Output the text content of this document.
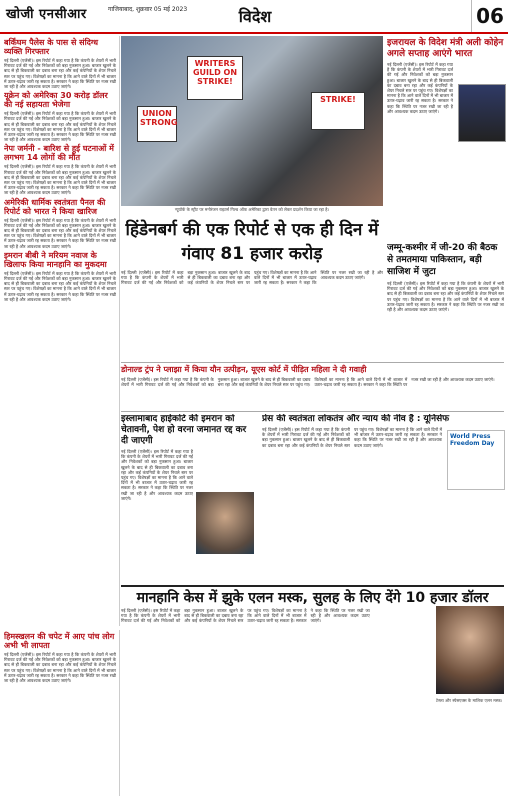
खोजी एनसीआर	गाजियाबाद, शुक्रवार 05 मई 2023	विदेश	06
बर्किंघम पैलेस के पास से संदिग्ध व्यक्ति गिरफ्तार
नई दिल्ली (एजेंसी)। इस रिपोर्ट में कहा गया है कि कंपनी के शेयरों में भारी गिरावट दर्ज की गई और निवेशकों को बड़ा नुकसान हुआ। बाजार खुलने के बाद से ही बिकवाली का दबाव बना रहा और कई कंपनियों के शेयर निचले स्तर पर पहुंच गए। विशेषज्ञों का मानना है कि आने वाले दिनों में भी बाजार में उतार-चढ़ाव जारी रह सकता है। सरकार ने कहा कि स्थिति पर नजर रखी जा रही है और आवश्यक कदम उठाए जाएंगे।
यूक्रेन को अमेरिका 30 करोड़ डॉलर की नई सहायता भेजेगा
नई दिल्ली (एजेंसी)। इस रिपोर्ट में कहा गया है कि कंपनी के शेयरों में भारी गिरावट दर्ज की गई और निवेशकों को बड़ा नुकसान हुआ। बाजार खुलने के बाद से ही बिकवाली का दबाव बना रहा और कई कंपनियों के शेयर निचले स्तर पर पहुंच गए। विशेषज्ञों का मानना है कि आने वाले दिनों में भी बाजार में उतार-चढ़ाव जारी रह सकता है। सरकार ने कहा कि स्थिति पर नजर रखी जा रही है और आवश्यक कदम उठाए जाएंगे।
नेपः जर्मनी - बारिश से हुई घटनाओं में लगभग 14 लोगों की मौत
नई दिल्ली (एजेंसी)। इस रिपोर्ट में कहा गया है कि कंपनी के शेयरों में भारी गिरावट दर्ज की गई और निवेशकों को बड़ा नुकसान हुआ। बाजार खुलने के बाद से ही बिकवाली का दबाव बना रहा और कई कंपनियों के शेयर निचले स्तर पर पहुंच गए। विशेषज्ञों का मानना है कि आने वाले दिनों में भी बाजार में उतार-चढ़ाव जारी रह सकता है। सरकार ने कहा कि स्थिति पर नजर रखी जा रही है और आवश्यक कदम उठाए जाएंगे।
अमेरिकी धार्मिक स्वतंत्रता पैनल की रिपोर्ट को भारत ने किया खारिज
नई दिल्ली (एजेंसी)। इस रिपोर्ट में कहा गया है कि कंपनी के शेयरों में भारी गिरावट दर्ज की गई और निवेशकों को बड़ा नुकसान हुआ। बाजार खुलने के बाद से ही बिकवाली का दबाव बना रहा और कई कंपनियों के शेयर निचले स्तर पर पहुंच गए। विशेषज्ञों का मानना है कि आने वाले दिनों में भी बाजार में उतार-चढ़ाव जारी रह सकता है। सरकार ने कहा कि स्थिति पर नजर रखी जा रही है और आवश्यक कदम उठाए जाएंगे।
इमरान बीबी ने मरियम नवाज के खिलाफ किया मानहानि का मुकदमा
नई दिल्ली (एजेंसी)। इस रिपोर्ट में कहा गया है कि कंपनी के शेयरों में भारी गिरावट दर्ज की गई और निवेशकों को बड़ा नुकसान हुआ। बाजार खुलने के बाद से ही बिकवाली का दबाव बना रहा और कई कंपनियों के शेयर निचले स्तर पर पहुंच गए। विशेषज्ञों का मानना है कि आने वाले दिनों में भी बाजार में उतार-चढ़ाव जारी रह सकता है। सरकार ने कहा कि स्थिति पर नजर रखी जा रही है और आवश्यक कदम उठाए जाएंगे।
WRITERS GUILD ON STRIKE!
UNION STRONG
STRIKE!
न्यूयॉर्क के स्ट्रीट पर मनोरंजन राइटर्स गिल्ड ऑफ अमेरिका द्वारा वेतन को लेकर प्रदर्शन किया जा रहा है।
इजरायल के विदेश मंत्री अली कोहेन अगले सप्ताह आएंगे भारत
नई दिल्ली (एजेंसी)। इस रिपोर्ट में कहा गया है कि कंपनी के शेयरों में भारी गिरावट दर्ज की गई और निवेशकों को बड़ा नुकसान हुआ। बाजार खुलने के बाद से ही बिकवाली का दबाव बना रहा और कई कंपनियों के शेयर निचले स्तर पर पहुंच गए। विशेषज्ञों का मानना है कि आने वाले दिनों में भी बाजार में उतार-चढ़ाव जारी रह सकता है। सरकार ने कहा कि स्थिति पर नजर रखी जा रही है और आवश्यक कदम उठाए जाएंगे।
हिंडेनबर्ग की एक रिपोर्ट से एक ही दिन में गंवाए 81 हजार करोड़
नई दिल्ली (एजेंसी)। इस रिपोर्ट में कहा गया है कि कंपनी के शेयरों में भारी गिरावट दर्ज की गई और निवेशकों को बड़ा नुकसान हुआ। बाजार खुलने के बाद से ही बिकवाली का दबाव बना रहा और कई कंपनियों के शेयर निचले स्तर पर पहुंच गए। विशेषज्ञों का मानना है कि आने वाले दिनों में भी बाजार में उतार-चढ़ाव जारी रह सकता है। सरकार ने कहा कि स्थिति पर नजर रखी जा रही है और आवश्यक कदम उठाए जाएंगे।
जम्मू-कश्मीर में जी-20 की बैठक से तमतमाया पाकिस्तान, बड़ी साजिश में जुटा
नई दिल्ली (एजेंसी)। इस रिपोर्ट में कहा गया है कि कंपनी के शेयरों में भारी गिरावट दर्ज की गई और निवेशकों को बड़ा नुकसान हुआ। बाजार खुलने के बाद से ही बिकवाली का दबाव बना रहा और कई कंपनियों के शेयर निचले स्तर पर पहुंच गए। विशेषज्ञों का मानना है कि आने वाले दिनों में भी बाजार में उतार-चढ़ाव जारी रह सकता है। सरकार ने कहा कि स्थिति पर नजर रखी जा रही है और आवश्यक कदम उठाए जाएंगे।
डोनाल्ड ट्रंप ने प्लाझा में किया यौन उत्पीड़न, यूएस कोर्ट में पीड़ित महिला ने दी गवाही
नई दिल्ली (एजेंसी)। इस रिपोर्ट में कहा गया है कि कंपनी के शेयरों में भारी गिरावट दर्ज की गई और निवेशकों को बड़ा नुकसान हुआ। बाजार खुलने के बाद से ही बिकवाली का दबाव बना रहा और कई कंपनियों के शेयर निचले स्तर पर पहुंच गए। विशेषज्ञों का मानना है कि आने वाले दिनों में भी बाजार में उतार-चढ़ाव जारी रह सकता है। सरकार ने कहा कि स्थिति पर नजर रखी जा रही है और आवश्यक कदम उठाए जाएंगे।
इस्लामाबाद हाईकोर्ट की इमरान को चेतावनी, पेश हो वरना जमानत रद्द कर दी जाएगी
नई दिल्ली (एजेंसी)। इस रिपोर्ट में कहा गया है कि कंपनी के शेयरों में भारी गिरावट दर्ज की गई और निवेशकों को बड़ा नुकसान हुआ। बाजार खुलने के बाद से ही बिकवाली का दबाव बना रहा और कई कंपनियों के शेयर निचले स्तर पर पहुंच गए। विशेषज्ञों का मानना है कि आने वाले दिनों में भी बाजार में उतार-चढ़ाव जारी रह सकता है। सरकार ने कहा कि स्थिति पर नजर रखी जा रही है और आवश्यक कदम उठाए जाएंगे।
प्रेस की स्वतंत्रता लोकतंत्र और न्याय की नींव है : यूनिसेफ
नई दिल्ली (एजेंसी)। इस रिपोर्ट में कहा गया है कि कंपनी के शेयरों में भारी गिरावट दर्ज की गई और निवेशकों को बड़ा नुकसान हुआ। बाजार खुलने के बाद से ही बिकवाली का दबाव बना रहा और कई कंपनियों के शेयर निचले स्तर पर पहुंच गए। विशेषज्ञों का मानना है कि आने वाले दिनों में भी बाजार में उतार-चढ़ाव जारी रह सकता है। सरकार ने कहा कि स्थिति पर नजर रखी जा रही है और आवश्यक कदम उठाए जाएंगे।
World Press Freedom Day
हिमस्खलन की चपेट में आए पांच लोग अभी भी लापता
नई दिल्ली (एजेंसी)। इस रिपोर्ट में कहा गया है कि कंपनी के शेयरों में भारी गिरावट दर्ज की गई और निवेशकों को बड़ा नुकसान हुआ। बाजार खुलने के बाद से ही बिकवाली का दबाव बना रहा और कई कंपनियों के शेयर निचले स्तर पर पहुंच गए। विशेषज्ञों का मानना है कि आने वाले दिनों में भी बाजार में उतार-चढ़ाव जारी रह सकता है। सरकार ने कहा कि स्थिति पर नजर रखी जा रही है और आवश्यक कदम उठाए जाएंगे।
मानहानि केस में झुके एलन मस्क, सुलह के लिए देंगे 10 हजार डॉलर
नई दिल्ली (एजेंसी)। इस रिपोर्ट में कहा गया है कि कंपनी के शेयरों में भारी गिरावट दर्ज की गई और निवेशकों को बड़ा नुकसान हुआ। बाजार खुलने के बाद से ही बिकवाली का दबाव बना रहा और कई कंपनियों के शेयर निचले स्तर पर पहुंच गए। विशेषज्ञों का मानना है कि आने वाले दिनों में भी बाजार में उतार-चढ़ाव जारी रह सकता है। सरकार ने कहा कि स्थिति पर नजर रखी जा रही है और आवश्यक कदम उठाए जाएंगे।
टेस्ला और स्पेसएक्स के मालिक एलन मस्क।
